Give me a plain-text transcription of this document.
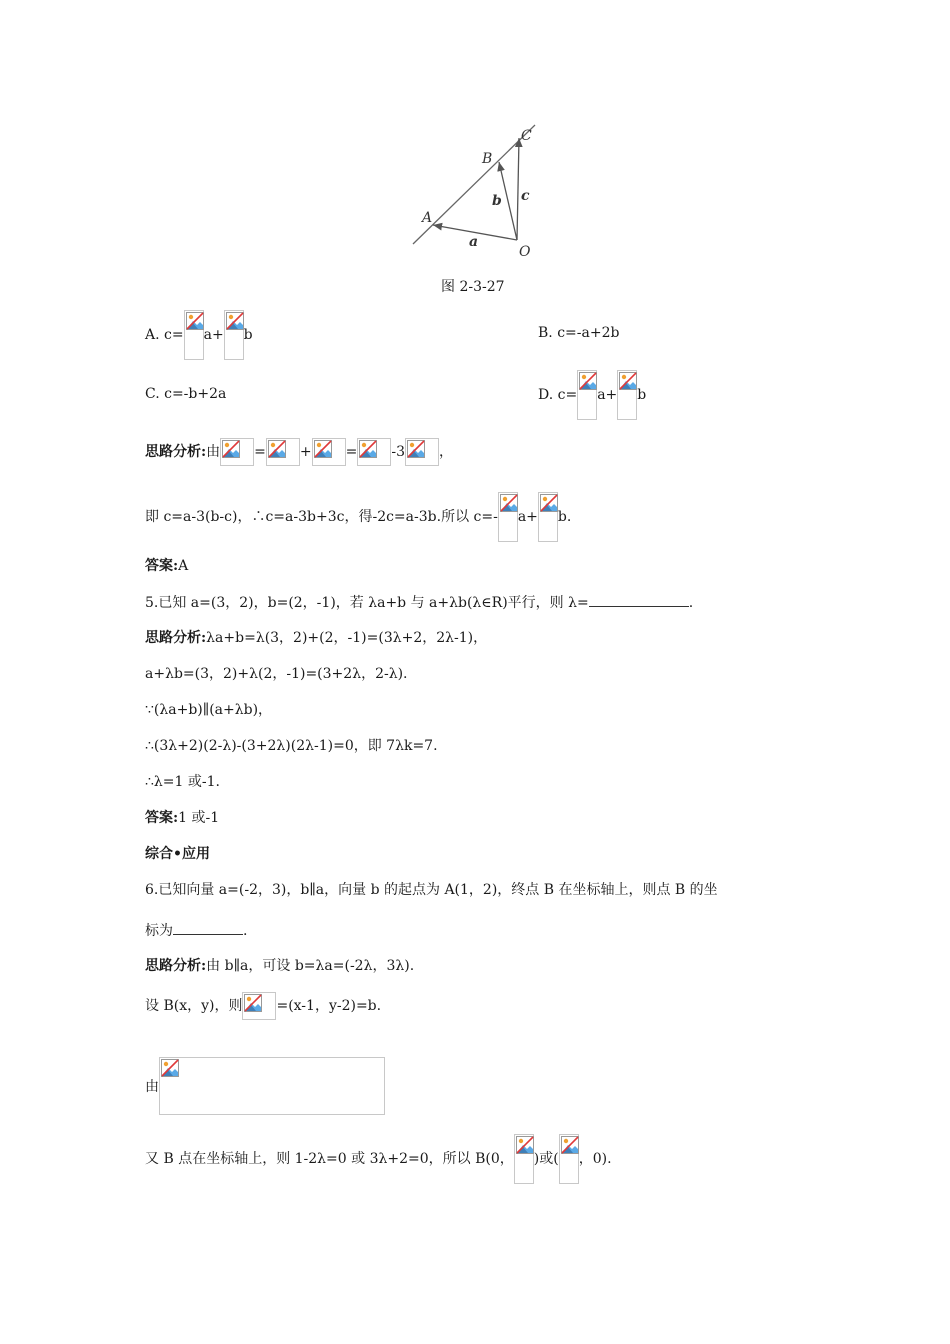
C
B
A
O
a
b c
图 2-3-27
A. c= a+ b	B. c=-a+2b
C. c=-b+2a	D. c= a+ b
思路分析:由 = + = -3 ，
即 c=a-3(b-c)，∴c=a-3b+3c，得-2c=a-3b.所以 c=- a+ b.
答案:A
5.已知 a=(3，2)，b=(2，-1)，若 λa+b 与 a+λb(λ∈R)平行，则 λ=	.
思路分析:λa+b=λ(3，2)+(2，-1)=(3λ+2，2λ-1)，
a+λb=(3，2)+λ(2，-1)=(3+2λ，2-λ).
∵(λa+b)∥(a+λb)，
∴(3λ+2)(2-λ)-(3+2λ)(2λ-1)=0，即 7λk=7.
∴λ=1 或-1.
答案:1 或-1
综合•应用
6.已知向量 a=(-2，3)，b∥a，向量 b 的起点为 A(1，2)，终点 B 在坐标轴上，则点 B 的坐
标为	.
思路分析:由 b∥a，可设 b=λa=(-2λ，3λ).
设 B(x，y)，则 =(x-1，y-2)=b.
由
又 B 点在坐标轴上，则 1-2λ=0 或 3λ+2=0，所以 B(0， )或( ，0).
